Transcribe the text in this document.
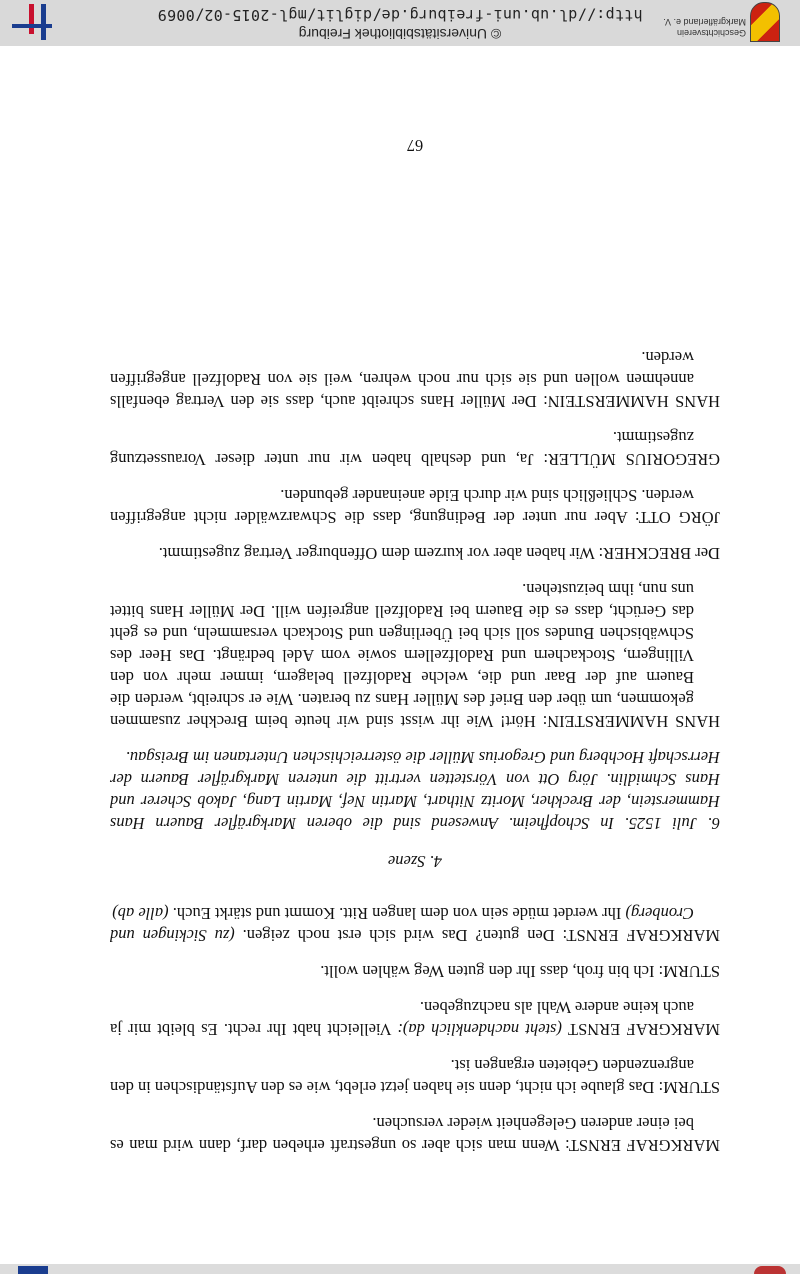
MARKGRAF ERNST: Wenn man sich aber so ungestraft erheben darf, dann wird man es bei einer anderen Gelegenheit wieder versuchen.

STURM: Das glaube ich nicht, denn sie haben jetzt erlebt, wie es den Aufständischen in den angrenzenden Gebieten ergangen ist.

MARKGRAF ERNST (steht nachdenklich da): Vielleicht habt Ihr recht. Es bleibt mir ja auch keine andere Wahl als nachzugeben.

STURM: Ich bin froh, dass Ihr den guten Weg wählen wollt.

MARKGRAF ERNST: Den guten? Das wird sich erst noch zeigen. (zu Sickingen und Cronberg) Ihr werdet müde sein von dem langen Ritt. Kommt und stärkt Euch. (alle ab)

4. Szene

6. Juli 1525. In Schopfheim. Anwesend sind die oberen Markgräfler Bauern Hans Hammerstein, der Breckher, Moritz Nithart, Martin Nef, Martin Lang, Jakob Scherer und Hans Schmidlin. Jörg Ott von Vörstetten vertritt die unteren Markgräfler Bauern der Herrschaft Hochberg und Gregorius Müller die österreichischen Untertanen im Breisgau.

HANS HAMMERSTEIN: Hört! Wie ihr wisst sind wir heute beim Breckher zusammen gekommen, um über den Brief des Müller Hans zu beraten. Wie er schreibt, werden die Bauern auf der Baar und die, welche Radolfzell belagern, immer mehr von den Villingern, Stockachern und Radolfzellern sowie vom Adel bedrängt. Das Heer des Schwäbischen Bundes soll sich bei Überlingen und Stockach versammeln, und es geht das Gerücht, dass es die Bauern bei Radolfzell angreifen will. Der Müller Hans bittet uns nun, ihm beizustehen.

Der BRECKHER: Wir haben aber vor kurzem dem Offenburger Vertrag zugestimmt.

JÖRG OTT: Aber nur unter der Bedingung, dass die Schwarzwälder nicht angegriffen werden. Schließlich sind wir durch Eide aneinander gebunden.

GREGORIUS MÜLLER: Ja, und deshalb haben wir nur unter dieser Voraussetzung zugestimmt.

HANS HAMMERSTEIN: Der Müller Hans schreibt auch, dass sie den Vertrag ebenfalls annehmen wollen und sie sich nur noch wehren, weil sie von Radolfzell angegriffen werden.

67
© Universitätsbibliothek Freiburg
http://dl.ub.uni-freiburg.de/diglit/mgl-2015-02/0069
Geschichtsverein
Markgräflerland e. V.
